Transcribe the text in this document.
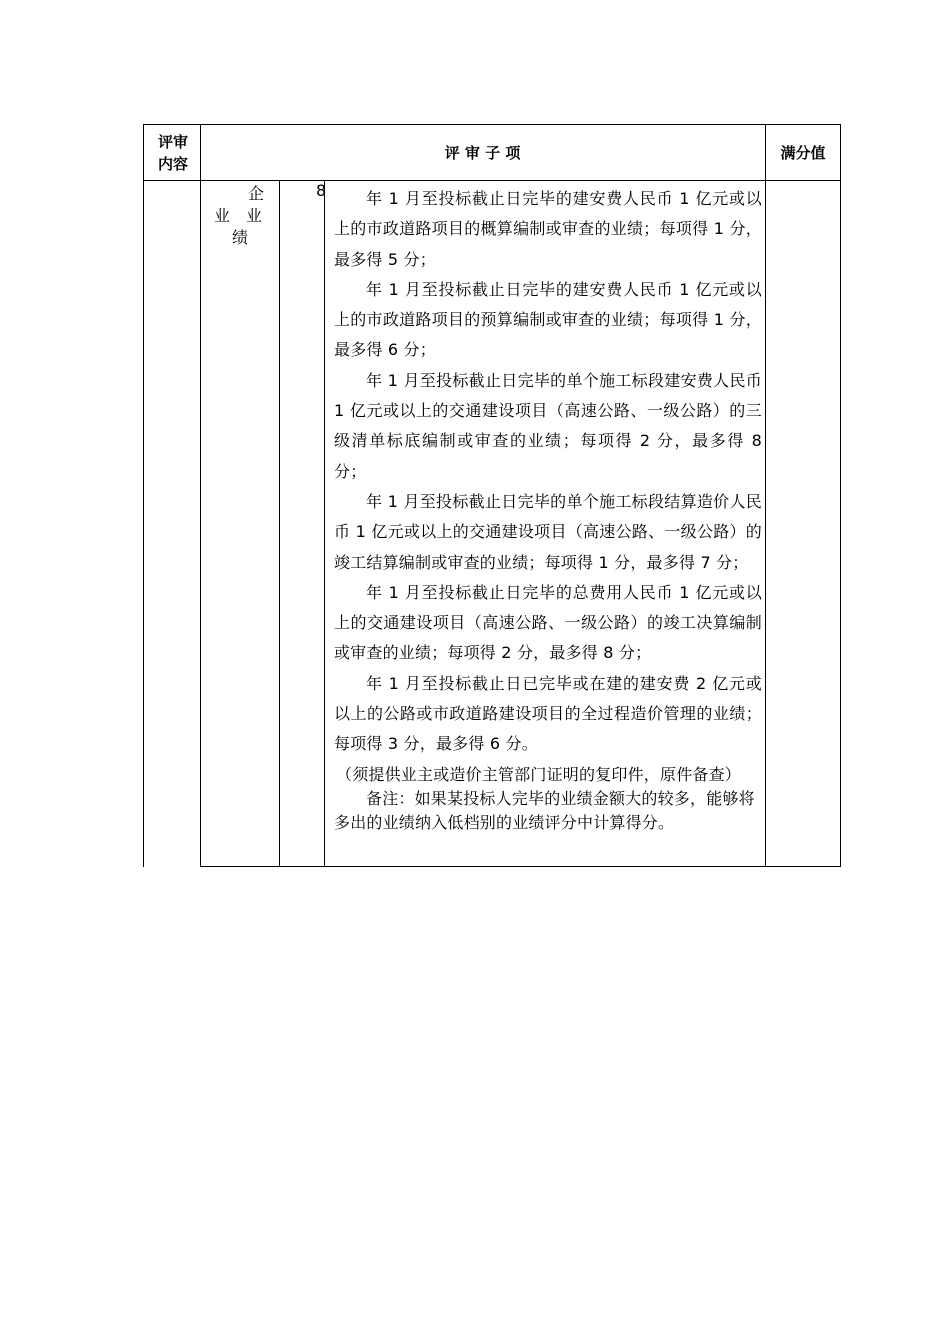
评审
内容
评 审 子 项	满分值
企
业　业
绩
8	年 1 月至投标截止日完毕的建安费人民币 1 亿元或以上的市政道路项目的概算编制或审查的业绩；每项得 1 分，最多得 5 分；

年 1 月至投标截止日完毕的建安费人民币 1 亿元或以上的市政道路项目的预算编制或审查的业绩；每项得 1 分，最多得 6 分；

年 1 月至投标截止日完毕的单个施工标段建安费人民币 1 亿元或以上的交通建设项目（高速公路、一级公路）的三级清单标底编制或审查的业绩；每项得 2 分，最多得 8 分；

年 1 月至投标截止日完毕的单个施工标段结算造价人民币 1 亿元或以上的交通建设项目（高速公路、一级公路）的竣工结算编制或审查的业绩；每项得 1 分，最多得 7 分；

年 1 月至投标截止日完毕的总费用人民币 1 亿元或以上的交通建设项目（高速公路、一级公路）的竣工决算编制或审查的业绩；每项得 2 分，最多得 8 分；

年 1 月至投标截止日已完毕或在建的建安费 2 亿元或以上的公路或市政道路建设项目的全过程造价管理的业绩；每项得 3 分，最多得 6 分。

（须提供业主或造价主管部门证明的复印件，原件备查）

备注：如果某投标人完毕的业绩金额大的较多，能够将多出的业绩纳入低档别的业绩评分中计算得分。
